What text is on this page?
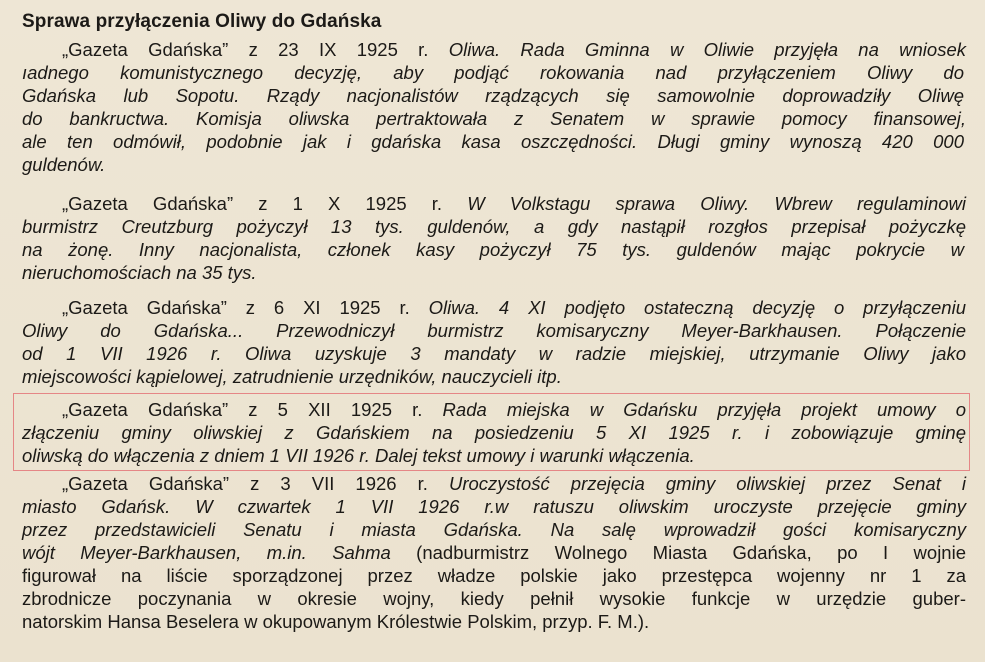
Sprawa przyłączenia Oliwy do Gdańska
„Gazeta Gdańska” z 23 IX 1925 r. Oliwa. Rada Gminna w Oliwie przyjęła na wniosek
ıadnego komunistycznego decyzję, aby podjąć rokowania nad przyłączeniem Oliwy do
Gdańska lub Sopotu. Rządy nacjonalistów rządzących się samowolnie doprowadziły Oliwę
do bankructwa. Komisja oliwska pertraktowała z Senatem w sprawie pomocy finansowej,
ale ten odmówił, podobnie jak i gdańska kasa oszczędności. Długi gminy wynoszą 420 000
guldenów.
„Gazeta Gdańska” z 1 X 1925 r. W Volkstagu sprawa Oliwy. Wbrew regulaminowi
burmistrz Creutzburg pożyczył 13 tys. guldenów, a gdy nastąpił rozgłos przepisał pożyczkę
na żonę. Inny nacjonalista, członek kasy pożyczył 75 tys. guldenów mając pokrycie w
nieruchomościach na 35 tys.
„Gazeta Gdańska” z 6 XI 1925 r. Oliwa. 4 XI podjęto ostateczną decyzję o przyłączeniu
Oliwy do Gdańska... Przewodniczył burmistrz komisaryczny Meyer-Barkhausen. Połączenie
od 1 VII 1926 r. Oliwa uzyskuje 3 mandaty w radzie miejskiej, utrzymanie Oliwy jako
miejscowości kąpielowej, zatrudnienie urzędników, nauczycieli itp.
„Gazeta Gdańska” z 5 XII 1925 r. Rada miejska w Gdańsku przyjęła projekt umowy o
złączeniu gminy oliwskiej z Gdańskiem na posiedzeniu 5 XI 1925 r. i zobowiązuje gminę
oliwską do włączenia z dniem 1 VII 1926 r. Dalej tekst umowy i warunki włączenia.
„Gazeta Gdańska” z 3 VII 1926 r. Uroczystość przejęcia gminy oliwskiej przez Senat i
miasto Gdańsk. W czwartek 1 VII 1926 r.w ratuszu oliwskim uroczyste przejęcie gminy
przez przedstawicieli Senatu i miasta Gdańska. Na salę wprowadził gości komisaryczny
wójt Meyer-Barkhausen, m.in. Sahma (nadburmistrz Wolnego Miasta Gdańska, po I wojnie
figurował na liście sporządzonej przez władze polskie jako przestępca wojenny nr 1 za
zbrodnicze poczynania w okresie wojny, kiedy pełnił wysokie funkcje w urzędzie guber-
natorskim Hansa Beselera w okupowanym Królestwie Polskim, przyp. F. M.).
